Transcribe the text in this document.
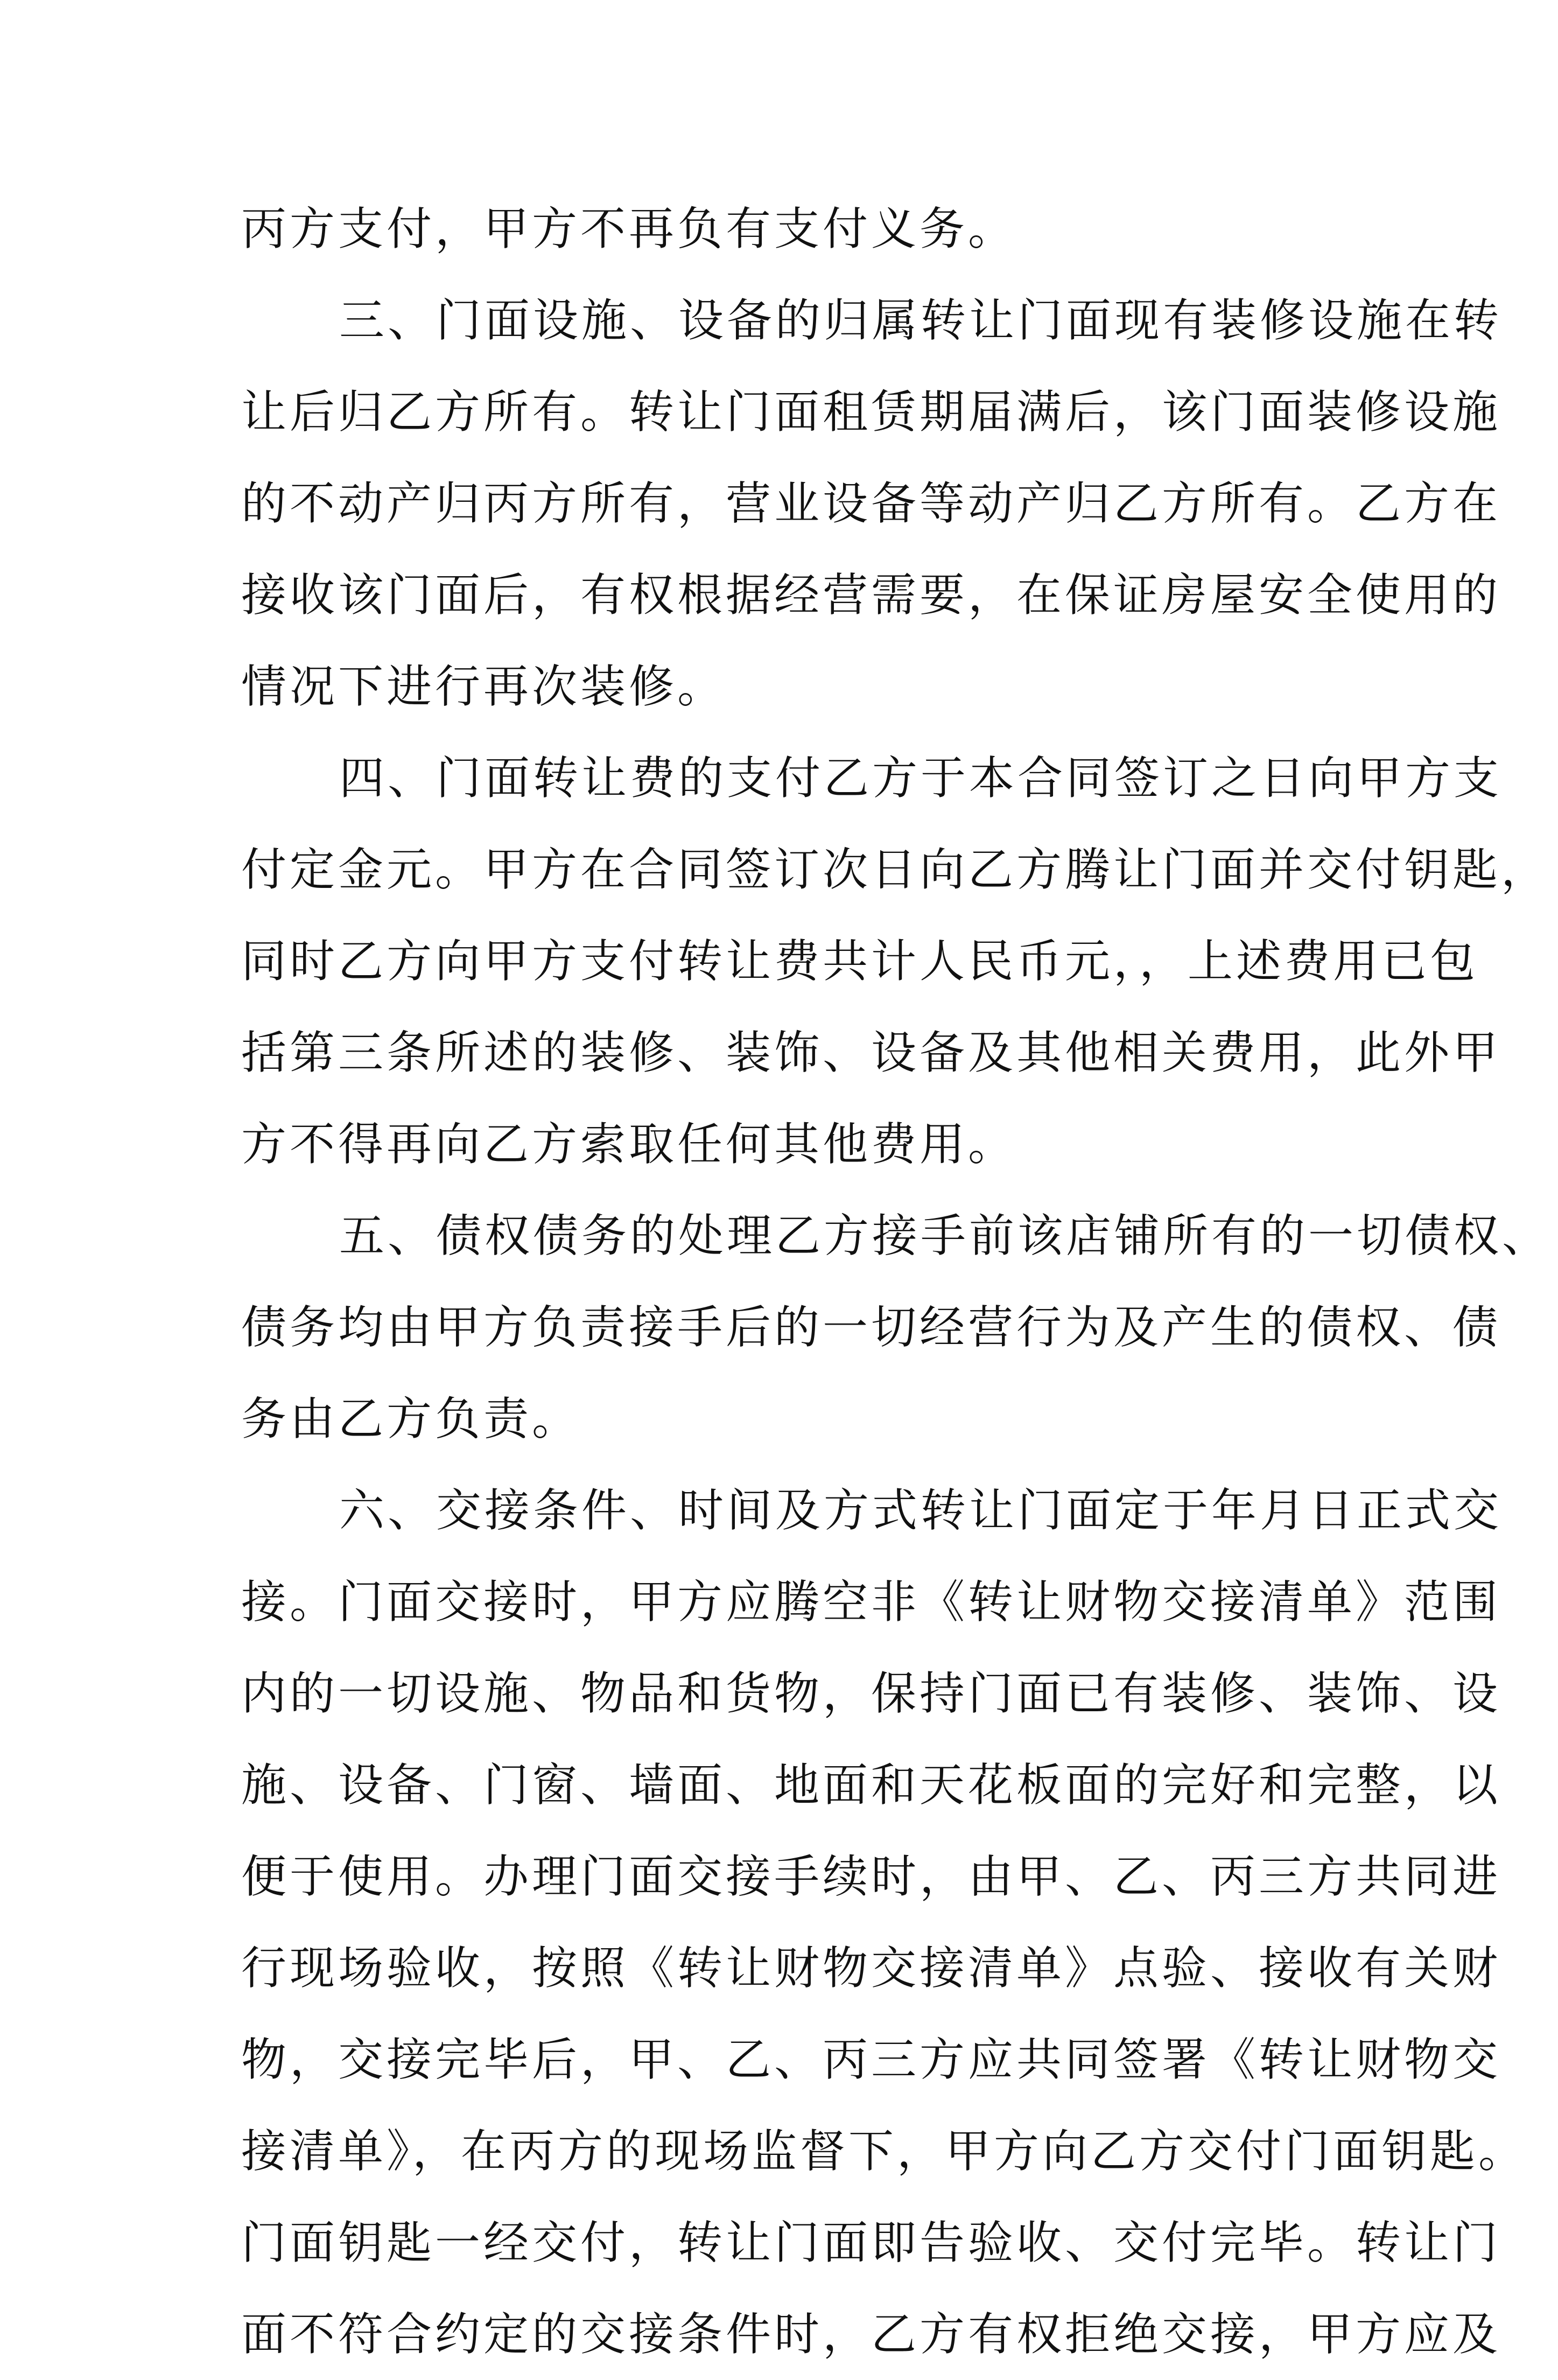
丙方支付，甲方不再负有支付义务。
三、门面设施、设备的归属转让门面现有装修设施在转
让后归乙方所有。转让门面租赁期届满后，该门面装修设施
的不动产归丙方所有，营业设备等动产归乙方所有。乙方在
接收该门面后，有权根据经营需要，在保证房屋安全使用的
情况下进行再次装修。
四、门面转让费的支付乙方于本合同签订之日向甲方支
付定金元。甲方在合同签订次日向乙方腾让门面并交付钥匙，
同时乙方向甲方支付转让费共计人民币元，，上述费用已包
括第三条所述的装修、装饰、设备及其他相关费用，此外甲
方不得再向乙方索取任何其他费用。
五、债权债务的处理乙方接手前该店铺所有的一切债权、
债务均由甲方负责接手后的一切经营行为及产生的债权、债
务由乙方负责。
六、交接条件、时间及方式转让门面定于年月日正式交
接。门面交接时，甲方应腾空非《转让财物交接清单》范围
内的一切设施、物品和货物，保持门面已有装修、装饰、设
施、设备、门窗、墙面、地面和天花板面的完好和完整，以
便于使用。办理门面交接手续时，由甲、乙、丙三方共同进
行现场验收，按照《转让财物交接清单》点验、接收有关财
物，交接完毕后，甲、乙、丙三方应共同签署《转让财物交
接清单》，在丙方的现场监督下，甲方向乙方交付门面钥匙。
门面钥匙一经交付，转让门面即告验收、交付完毕。转让门
面不符合约定的交接条件时，乙方有权拒绝交接，甲方应及
